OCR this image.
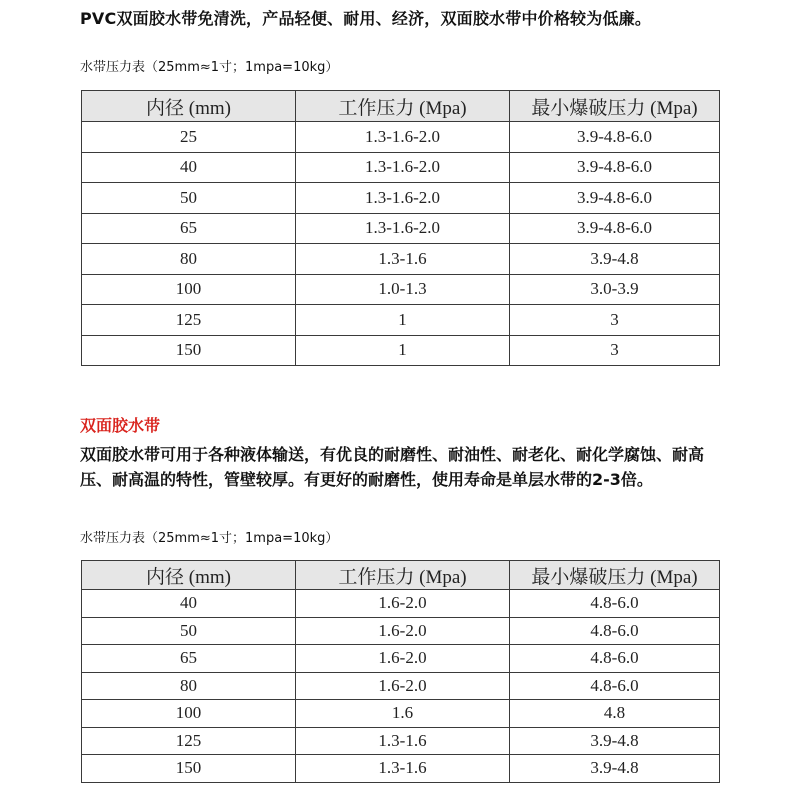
PVC双面胶水带免清洗，产品轻便、耐用、经济，双面胶水带中价格较为低廉。
水带压力表（25mm≈1寸；1mpa=10kg）
内径 (mm)	工作压力 (Mpa)	最小爆破压力 (Mpa)
25	1.3-1.6-2.0	3.9-4.8-6.0
40	1.3-1.6-2.0	3.9-4.8-6.0
50	1.3-1.6-2.0	3.9-4.8-6.0
65	1.3-1.6-2.0	3.9-4.8-6.0
80	1.3-1.6	3.9-4.8
100	1.0-1.3	3.0-3.9
125	1	3
150	1	3
双面胶水带
双面胶水带可用于各种液体输送，有优良的耐磨性、耐油性、耐老化、耐化学腐蚀、耐高压、耐高温的特性，管壁较厚。有更好的耐磨性，使用寿命是单层水带的2-3倍。
水带压力表（25mm≈1寸；1mpa=10kg）
内径 (mm)	工作压力 (Mpa)	最小爆破压力 (Mpa)
40	1.6-2.0	4.8-6.0
50	1.6-2.0	4.8-6.0
65	1.6-2.0	4.8-6.0
80	1.6-2.0	4.8-6.0
100	1.6	4.8
125	1.3-1.6	3.9-4.8
150	1.3-1.6	3.9-4.8
